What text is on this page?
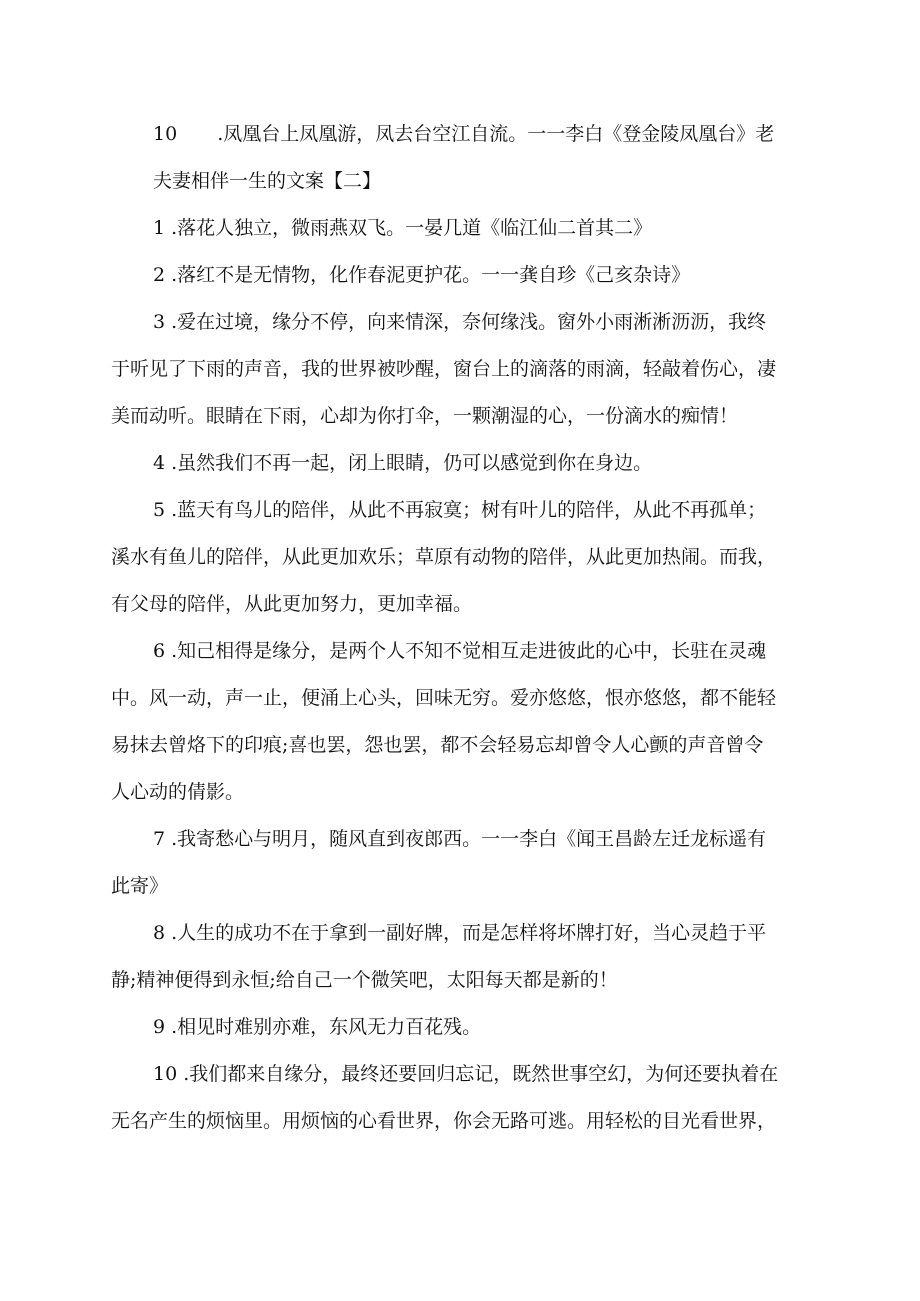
10 .凤凰台上凤凰游，凤去台空江自流。一一李白《登金陵凤凰台》老
夫妻相伴一生的文案【二】
1 .落花人独立，微雨燕双飞。一晏几道《临江仙二首其二》
2 .落红不是无情物，化作春泥更护花。一一龚自珍《己亥杂诗》
3 .爱在过境，缘分不停，向来情深，奈何缘浅。窗外小雨淅淅沥沥，我终
于听见了下雨的声音，我的世界被吵醒，窗台上的滴落的雨滴，轻敲着伤心，凄
美而动听。眼睛在下雨，心却为你打伞，一颗潮湿的心，一份滴水的痴情！
4 .虽然我们不再一起，闭上眼睛，仍可以感觉到你在身边。
5 .蓝天有鸟儿的陪伴，从此不再寂寞；树有叶儿的陪伴，从此不再孤单；
溪水有鱼儿的陪伴，从此更加欢乐；草原有动物的陪伴，从此更加热闹。而我，
有父母的陪伴，从此更加努力，更加幸福。
6 .知己相得是缘分，是两个人不知不觉相互走进彼此的心中，长驻在灵魂
中。风一动，声一止，便涌上心头，回味无穷。爱亦悠悠，恨亦悠悠，都不能轻
易抹去曾烙下的印痕;喜也罢，怨也罢，都不会轻易忘却曾令人心颤的声音曾令
人心动的倩影。
7 .我寄愁心与明月，随风直到夜郎西。一一李白《闻王昌龄左迁龙标遥有
此寄》
8 .人生的成功不在于拿到一副好牌，而是怎样将坏牌打好，当心灵趋于平
静;精神便得到永恒;给自己一个微笑吧，太阳每天都是新的！
9 .相见时难别亦难，东风无力百花残。
10 .我们都来自缘分，最终还要回归忘记，既然世事空幻，为何还要执着在
无名产生的烦恼里。用烦恼的心看世界，你会无路可逃。用轻松的目光看世界，
